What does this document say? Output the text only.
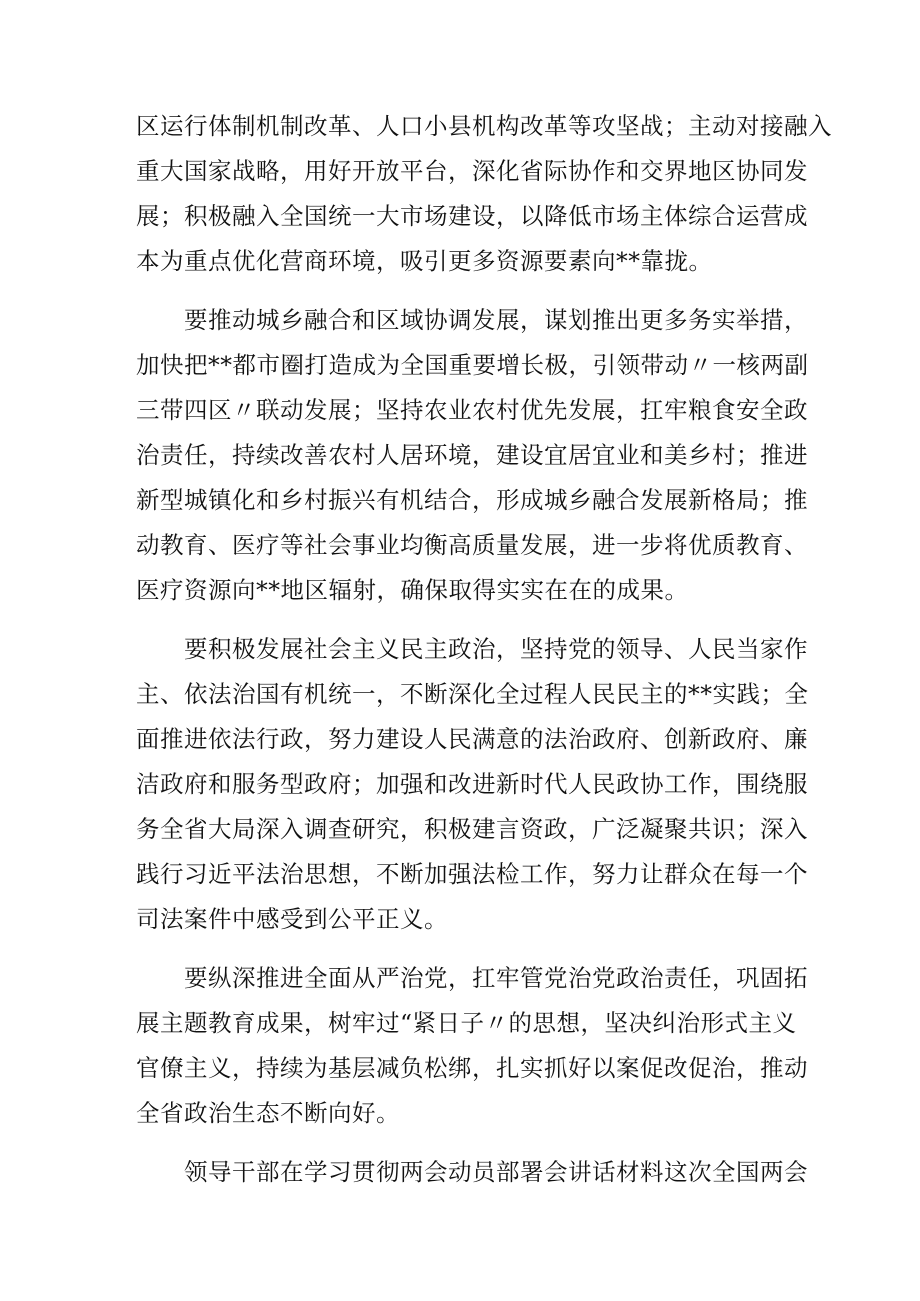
区运行体制机制改革、人口小县机构改革等攻坚战；主动对接融入
重大国家战略，用好开放平台，深化省际协作和交界地区协同发
展；积极融入全国统一大市场建设，以降低市场主体综合运营成
本为重点优化营商环境，吸引更多资源要素向**靠拢。
要推动城乡融合和区域协调发展，谋划推出更多务实举措，
加快把**都市圈打造成为全国重要增长极，引领带动〃一核两副
三带四区〃联动发展；坚持农业农村优先发展，扛牢粮食安全政
治责任，持续改善农村人居环境，建设宜居宜业和美乡村；推进
新型城镇化和乡村振兴有机结合，形成城乡融合发展新格局；推
动教育、医疗等社会事业均衡高质量发展，进一步将优质教育、
医疗资源向**地区辐射，确保取得实实在在的成果。
要积极发展社会主义民主政治，坚持党的领导、人民当家作
主、依法治国有机统一，不断深化全过程人民民主的**实践；全
面推进依法行政，努力建设人民满意的法治政府、创新政府、廉
洁政府和服务型政府；加强和改进新时代人民政协工作，围绕服
务全省大局深入调查研究，积极建言资政，广泛凝聚共识；深入
践行习近平法治思想，不断加强法检工作，努力让群众在每一个
司法案件中感受到公平正义。
要纵深推进全面从严治党，扛牢管党治党政治责任，巩固拓
展主题教育成果，树牢过“紧日子〃的思想，坚决纠治形式主义
官僚主义，持续为基层减负松绑，扎实抓好以案促改促治，推动
全省政治生态不断向好。
领导干部在学习贯彻两会动员部署会讲话材料这次全国两会
